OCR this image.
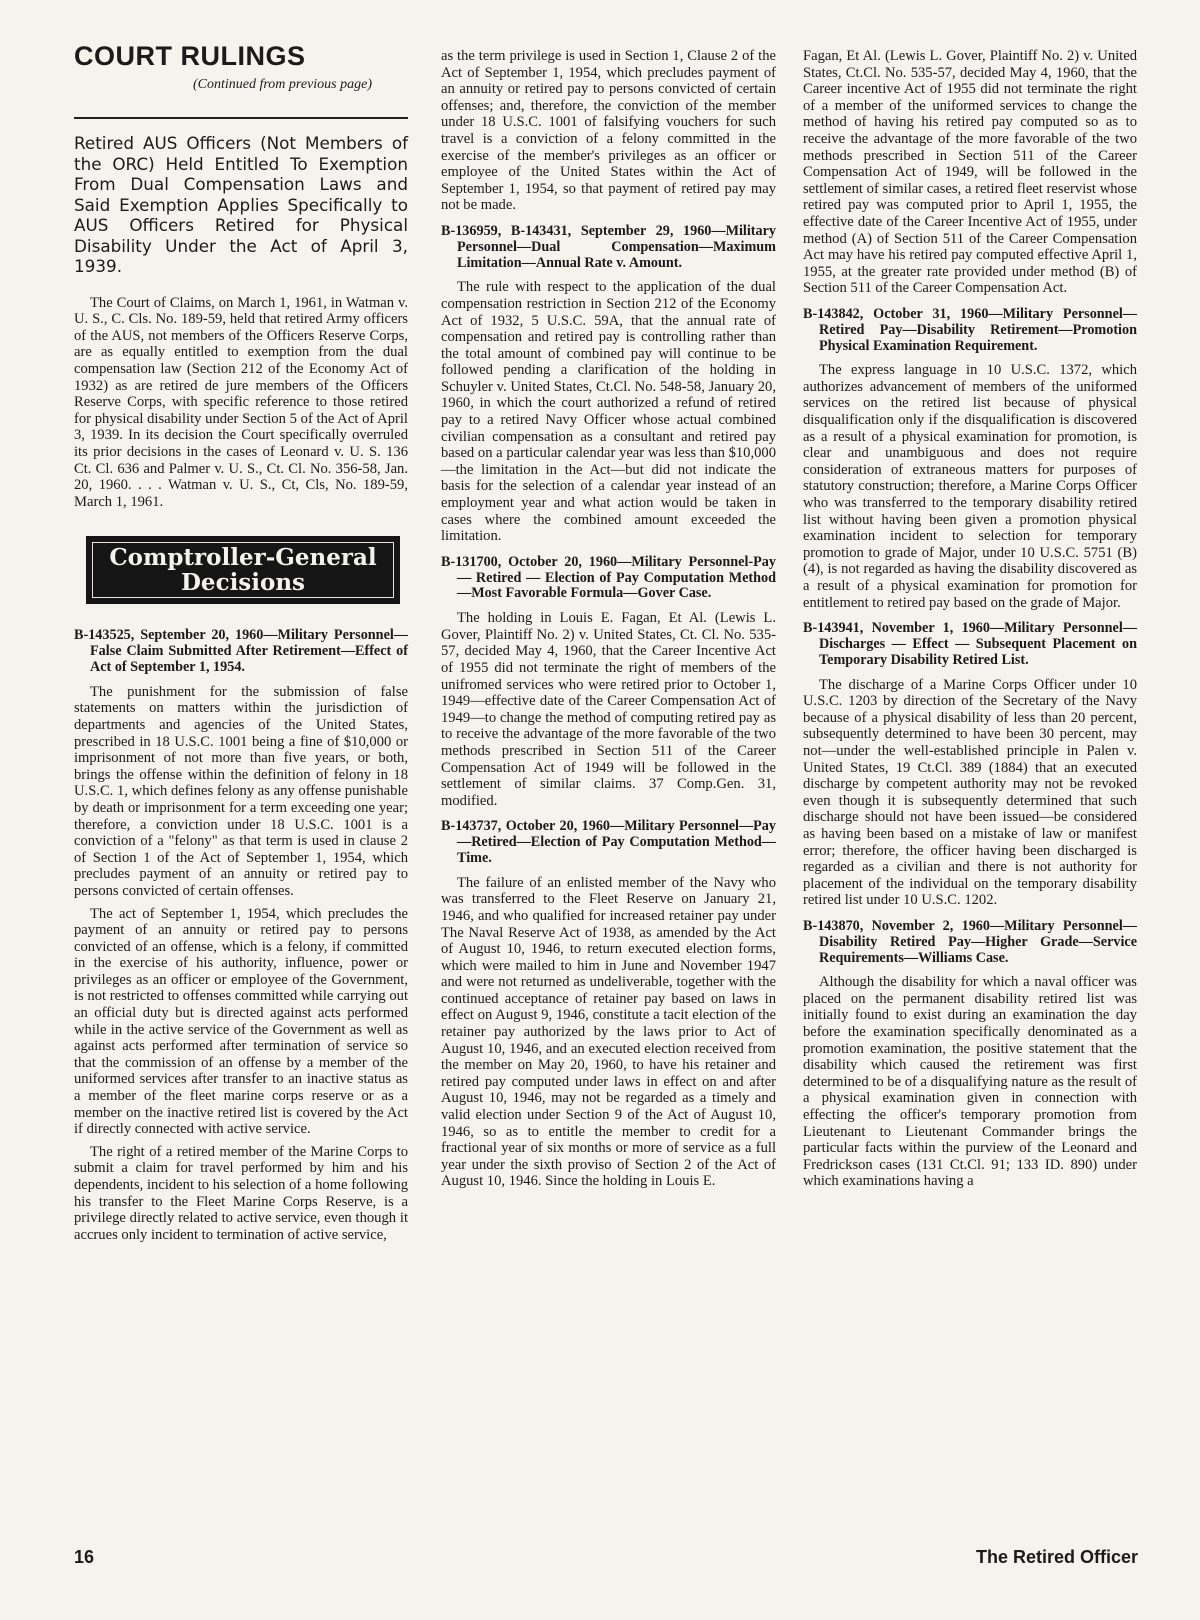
COURT RULINGS
(Continued from previous page)
Retired AUS Officers (Not Members of the ORC) Held Entitled To Exemption From Dual Compensation Laws and Said Exemption Applies Specifically to AUS Officers Retired for Physical Disability Under the Act of April 3, 1939.

The Court of Claims, on March 1, 1961, in Watman v. U. S., C. Cls. No. 189-59, held that retired Army officers of the AUS, not members of the Officers Reserve Corps, are as equally entitled to exemption from the dual compensation law (Section 212 of the Economy Act of 1932) as are retired de jure members of the Officers Reserve Corps, with specific reference to those retired for physical disability under Section 5 of the Act of April 3, 1939. In its decision the Court specifically overruled its prior decisions in the cases of Leonard v. U. S. 136 Ct. Cl. 636 and Palmer v. U. S., Ct. Cl. No. 356-58, Jan. 20, 1960. . . . Watman v. U. S., Ct, Cls, No. 189-59, March 1, 1961.

Comptroller-General
Decisions
B-143525, September 20, 1960—Military Personnel—False Claim Submitted After Retirement—Effect of Act of September 1, 1954.

The punishment for the submission of false statements on matters within the jurisdiction of departments and agencies of the United States, prescribed in 18 U.S.C. 1001 being a fine of $10,000 or imprisonment of not more than five years, or both, brings the offense within the definition of felony in 18 U.S.C. 1, which defines felony as any offense punishable by death or imprisonment for a term exceeding one year; therefore, a conviction under 18 U.S.C. 1001 is a conviction of a "felony" as that term is used in clause 2 of Section 1 of the Act of September 1, 1954, which precludes payment of an annuity or retired pay to persons convicted of certain offenses.

The act of September 1, 1954, which precludes the payment of an annuity or retired pay to persons convicted of an offense, which is a felony, if committed in the exercise of his authority, influence, power or privileges as an officer or employee of the Government, is not restricted to offenses committed while carrying out an official duty but is directed against acts performed while in the active service of the Government as well as against acts performed after termination of service so that the commission of an offense by a member of the uniformed services after transfer to an inactive status as a member of the fleet marine corps reserve or as a member on the inactive retired list is covered by the Act if directly connected with active service.

The right of a retired member of the Marine Corps to submit a claim for travel performed by him and his dependents, incident to his selection of a home following his transfer to the Fleet Marine Corps Reserve, is a privilege directly related to active service, even though it accrues only incident to termination of active service,

as the term privilege is used in Section 1, Clause 2 of the Act of September 1, 1954, which precludes payment of an annuity or retired pay to persons convicted of certain offenses; and, therefore, the conviction of the member under 18 U.S.C. 1001 of falsifying vouchers for such travel is a conviction of a felony committed in the exercise of the member's privileges as an officer or employee of the United States within the Act of September 1, 1954, so that payment of retired pay may not be made.

B-136959, B-143431, September 29, 1960—Military Personnel—Dual Compensation—Maximum Limitation—Annual Rate v. Amount.

The rule with respect to the application of the dual compensation restriction in Section 212 of the Economy Act of 1932, 5 U.S.C. 59A, that the annual rate of compensation and retired pay is controlling rather than the total amount of combined pay will continue to be followed pending a clarification of the holding in Schuyler v. United States, Ct.Cl. No. 548-58, January 20, 1960, in which the court authorized a refund of retired pay to a retired Navy Officer whose actual combined civilian compensation as a consultant and retired pay based on a particular calendar year was less than $10,000—the limitation in the Act—but did not indicate the basis for the selection of a calendar year instead of an employment year and what action would be taken in cases where the combined amount exceeded the limitation.

B-131700, October 20, 1960—Military Personnel-Pay — Retired — Election of Pay Computation Method—Most Favorable Formula—Gover Case.

The holding in Louis E. Fagan, Et Al. (Lewis L. Gover, Plaintiff No. 2) v. United States, Ct. Cl. No. 535-57, decided May 4, 1960, that the Career Incentive Act of 1955 did not terminate the right of members of the unifromed services who were retired prior to October 1, 1949—effective date of the Career Compensation Act of 1949—to change the method of computing retired pay as to receive the advantage of the more favorable of the two methods prescribed in Section 511 of the Career Compensation Act of 1949 will be followed in the settlement of similar claims. 37 Comp.Gen. 31, modified.

B-143737, October 20, 1960—Military Personnel—Pay—Retired—Election of Pay Computation Method—Time.

The failure of an enlisted member of the Navy who was transferred to the Fleet Reserve on January 21, 1946, and who qualified for increased retainer pay under The Naval Reserve Act of 1938, as amended by the Act of August 10, 1946, to return executed election forms, which were mailed to him in June and November 1947 and were not returned as undeliverable, together with the continued acceptance of retainer pay based on laws in effect on August 9, 1946, constitute a tacit election of the retainer pay authorized by the laws prior to Act of August 10, 1946, and an executed election received from the member on May 20, 1960, to have his retainer and retired pay computed under laws in effect on and after August 10, 1946, may not be regarded as a timely and valid election under Section 9 of the Act of August 10, 1946, so as to entitle the member to credit for a fractional year of six months or more of service as a full year under the sixth proviso of Section 2 of the Act of August 10, 1946. Since the holding in Louis E.

Fagan, Et Al. (Lewis L. Gover, Plaintiff No. 2) v. United States, Ct.Cl. No. 535-57, decided May 4, 1960, that the Career incentive Act of 1955 did not terminate the right of a member of the uniformed services to change the method of having his retired pay computed so as to receive the advantage of the more favorable of the two methods prescribed in Section 511 of the Career Compensation Act of 1949, will be followed in the settlement of similar cases, a retired fleet reservist whose retired pay was computed prior to April 1, 1955, the effective date of the Career Incentive Act of 1955, under method (A) of Section 511 of the Career Compensation Act may have his retired pay computed effective April 1, 1955, at the greater rate provided under method (B) of Section 511 of the Career Compensation Act.

B-143842, October 31, 1960—Military Personnel—Retired Pay—Disability Retirement—Promotion Physical Examination Requirement.

The express language in 10 U.S.C. 1372, which authorizes advancement of members of the uniformed services on the retired list because of physical disqualification only if the disqualification is discovered as a result of a physical examination for promotion, is clear and unambiguous and does not require consideration of extraneous matters for purposes of statutory construction; therefore, a Marine Corps Officer who was transferred to the temporary disability retired list without having been given a promotion physical examination incident to selection for temporary promotion to grade of Major, under 10 U.S.C. 5751 (B) (4), is not regarded as having the disability discovered as a result of a physical examination for promotion for entitlement to retired pay based on the grade of Major.

B-143941, November 1, 1960—Military Personnel—Discharges — Effect — Subsequent Placement on Temporary Disability Retired List.

The discharge of a Marine Corps Officer under 10 U.S.C. 1203 by direction of the Secretary of the Navy because of a physical disability of less than 20 percent, subsequently determined to have been 30 percent, may not—under the well-established principle in Palen v. United States, 19 Ct.Cl. 389 (1884) that an executed discharge by competent authority may not be revoked even though it is subsequently determined that such discharge should not have been issued—be considered as having been based on a mistake of law or manifest error; therefore, the officer having been discharged is regarded as a civilian and there is not authority for placement of the individual on the temporary disability retired list under 10 U.S.C. 1202.

B-143870, November 2, 1960—Military Personnel—Disability Retired Pay—Higher Grade—Service Requirements—Williams Case.

Although the disability for which a naval officer was placed on the permanent disability retired list was initially found to exist during an examination the day before the examination specifically denominated as a promotion examination, the positive statement that the disability which caused the retirement was first determined to be of a disqualifying nature as the result of a physical examination given in connection with effecting the officer's temporary promotion from Lieutenant to Lieutenant Commander brings the particular facts within the purview of the Leonard and Fredrickson cases (131 Ct.Cl. 91; 133 ID. 890) under which examinations having a

16	The Retired Officer
